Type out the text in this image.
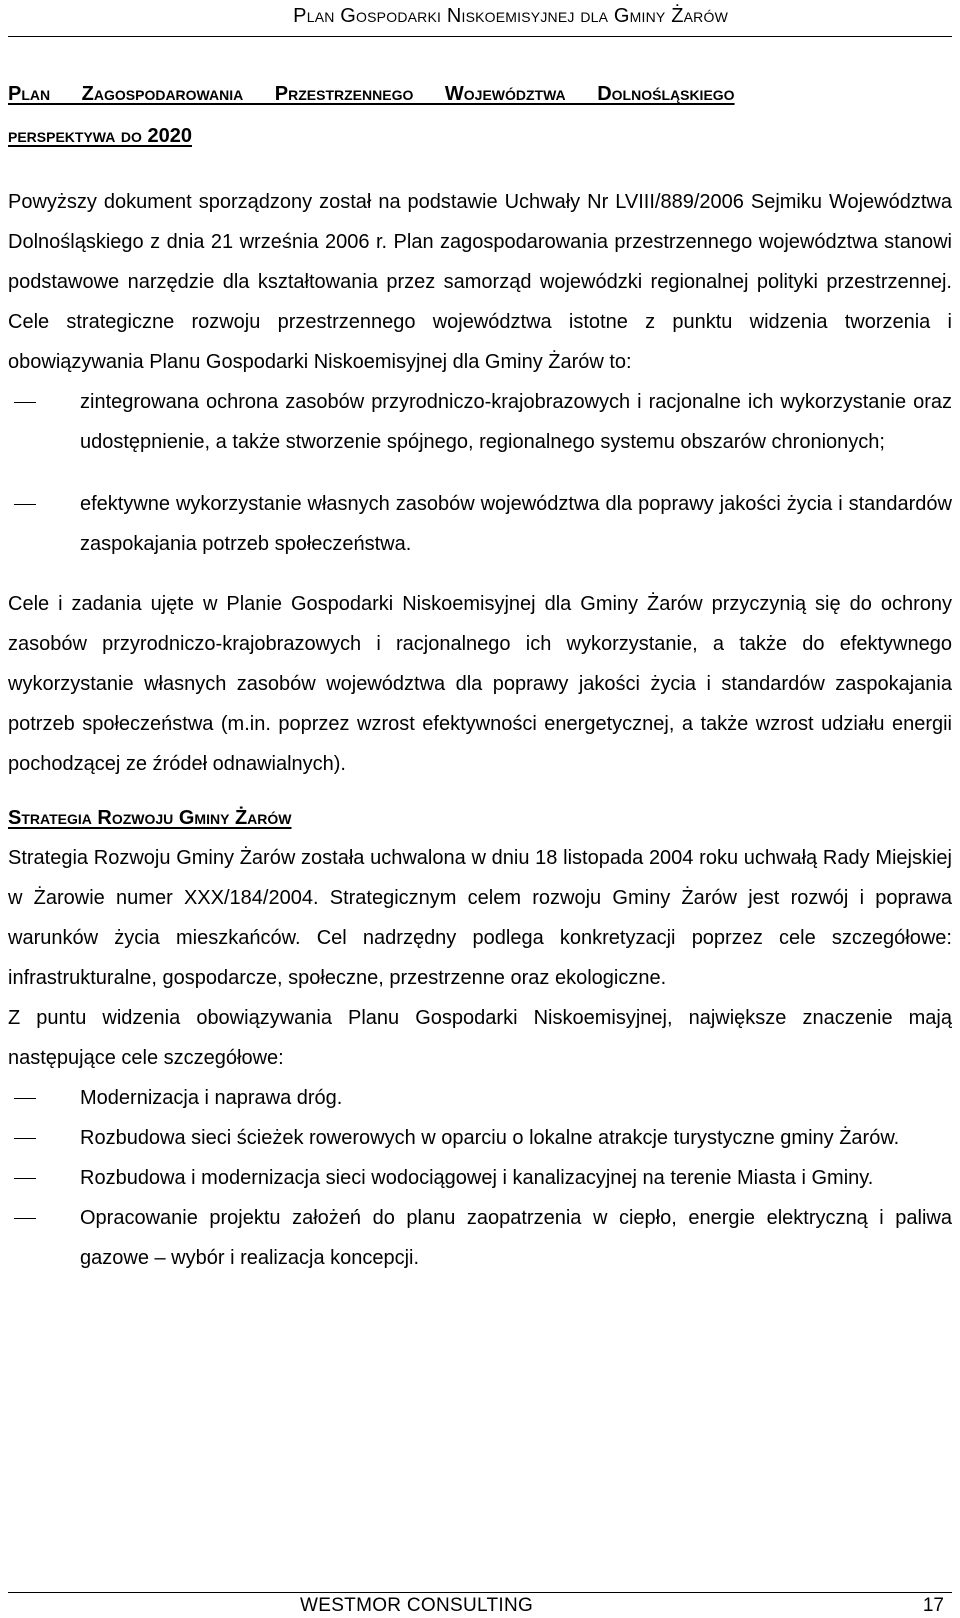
Plan Gospodarki Niskoemisyjnej dla Gminy Żarów
Plan Zagospodarowania Przestrzennego Województwa Dolnośląskiego
perspektywa do 2020

Powyższy dokument sporządzony został na podstawie Uchwały Nr LVIII/889/2006 Sejmiku Województwa Dolnośląskiego z dnia 21 września 2006 r. Plan zagospodarowania przestrzennego województwa stanowi podstawowe narzędzie dla kształtowania przez samorząd wojewódzki regionalnej polityki przestrzennej. Cele strategiczne rozwoju przestrzennego województwa istotne z punktu widzenia tworzenia i obowiązywania Planu Gospodarki Niskoemisyjnej dla Gminy Żarów to:

zintegrowana ochrona zasobów przyrodniczo-krajobrazowych i racjonalne ich wykorzystanie oraz udostępnienie, a także stworzenie spójnego, regionalnego systemu obszarów chronionych;
efektywne wykorzystanie własnych zasobów województwa dla poprawy jakości życia i standardów zaspokajania potrzeb społeczeństwa.

Cele i zadania ujęte w Planie Gospodarki Niskoemisyjnej dla Gminy Żarów przyczynią się do ochrony zasobów przyrodniczo-krajobrazowych i racjonalnego ich wykorzystanie, a także do efektywnego wykorzystanie własnych zasobów województwa dla poprawy jakości życia i standardów zaspokajania potrzeb społeczeństwa (m.in. poprzez wzrost efektywności energetycznej, a także wzrost udziału energii pochodzącej ze źródeł odnawialnych).

Strategia Rozwoju Gminy Żarów

Strategia Rozwoju Gminy Żarów została uchwalona w dniu 18 listopada 2004 roku uchwałą Rady Miejskiej w Żarowie numer XXX/184/2004. Strategicznym celem rozwoju Gminy Żarów jest rozwój i poprawa warunków życia mieszkańców. Cel nadrzędny podlega konkretyzacji poprzez cele szczegółowe: infrastrukturalne, gospodarcze, społeczne, przestrzenne oraz ekologiczne.

Z puntu widzenia obowiązywania Planu Gospodarki Niskoemisyjnej, największe znaczenie mają następujące cele szczegółowe:

Modernizacja i naprawa dróg.
Rozbudowa sieci ścieżek rowerowych w oparciu o lokalne atrakcje turystyczne gminy Żarów.
Rozbudowa i modernizacja sieci wodociągowej i kanalizacyjnej na terenie Miasta i Gminy.
Opracowanie projektu założeń do planu zaopatrzenia w ciepło, energie elektryczną i paliwa gazowe – wybór i realizacja koncepcji.
WESTMOR CONSULTING	17
